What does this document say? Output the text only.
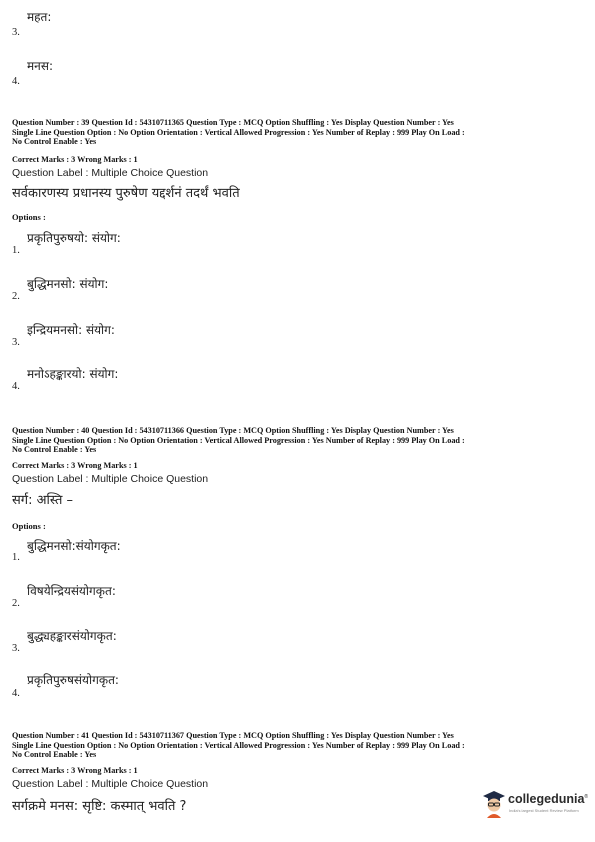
महत:
3.
मनस:
4.
Question Number : 39 Question Id : 54310711365 Question Type : MCQ Option Shuffling : Yes Display Question Number : Yes
Single Line Question Option : No Option Orientation : Vertical Allowed Progression : Yes Number of Replay : 999 Play On Load :
No Control Enable : Yes
Correct Marks : 3 Wrong Marks : 1
Question Label : Multiple Choice Question
सर्वकारणस्य प्रधानस्य पुरुषेण यद्दर्शनं तदर्थं भवति
Options :
प्रकृतिपुरुषयो: संयोग:
1.
बुद्धिमनसो: संयोग:
2.
इन्द्रियमनसो: संयोग:
3.
मनोऽहङ्कारयो: संयोग:
4.
Question Number : 40 Question Id : 54310711366 Question Type : MCQ Option Shuffling : Yes Display Question Number : Yes
Single Line Question Option : No Option Orientation : Vertical Allowed Progression : Yes Number of Replay : 999 Play On Load :
No Control Enable : Yes
Correct Marks : 3 Wrong Marks : 1
Question Label : Multiple Choice Question
सर्ग: अस्ति –
Options :
बुद्धिमनसो:संयोगकृत:
1.
विषयेन्द्रियसंयोगकृत:
2.
बुद्ध्यहङ्कारसंयोगकृत:
3.
प्रकृतिपुरुषसंयोगकृत:
4.
Question Number : 41 Question Id : 54310711367 Question Type : MCQ Option Shuffling : Yes Display Question Number : Yes
Single Line Question Option : No Option Orientation : Vertical Allowed Progression : Yes Number of Replay : 999 Play On Load :
No Control Enable : Yes
Correct Marks : 3 Wrong Marks : 1
Question Label : Multiple Choice Question
सर्गक्रमे मनस: सृष्टि: कस्मात् भवति ?	collegedunia®
India's largest Student Review Platform
